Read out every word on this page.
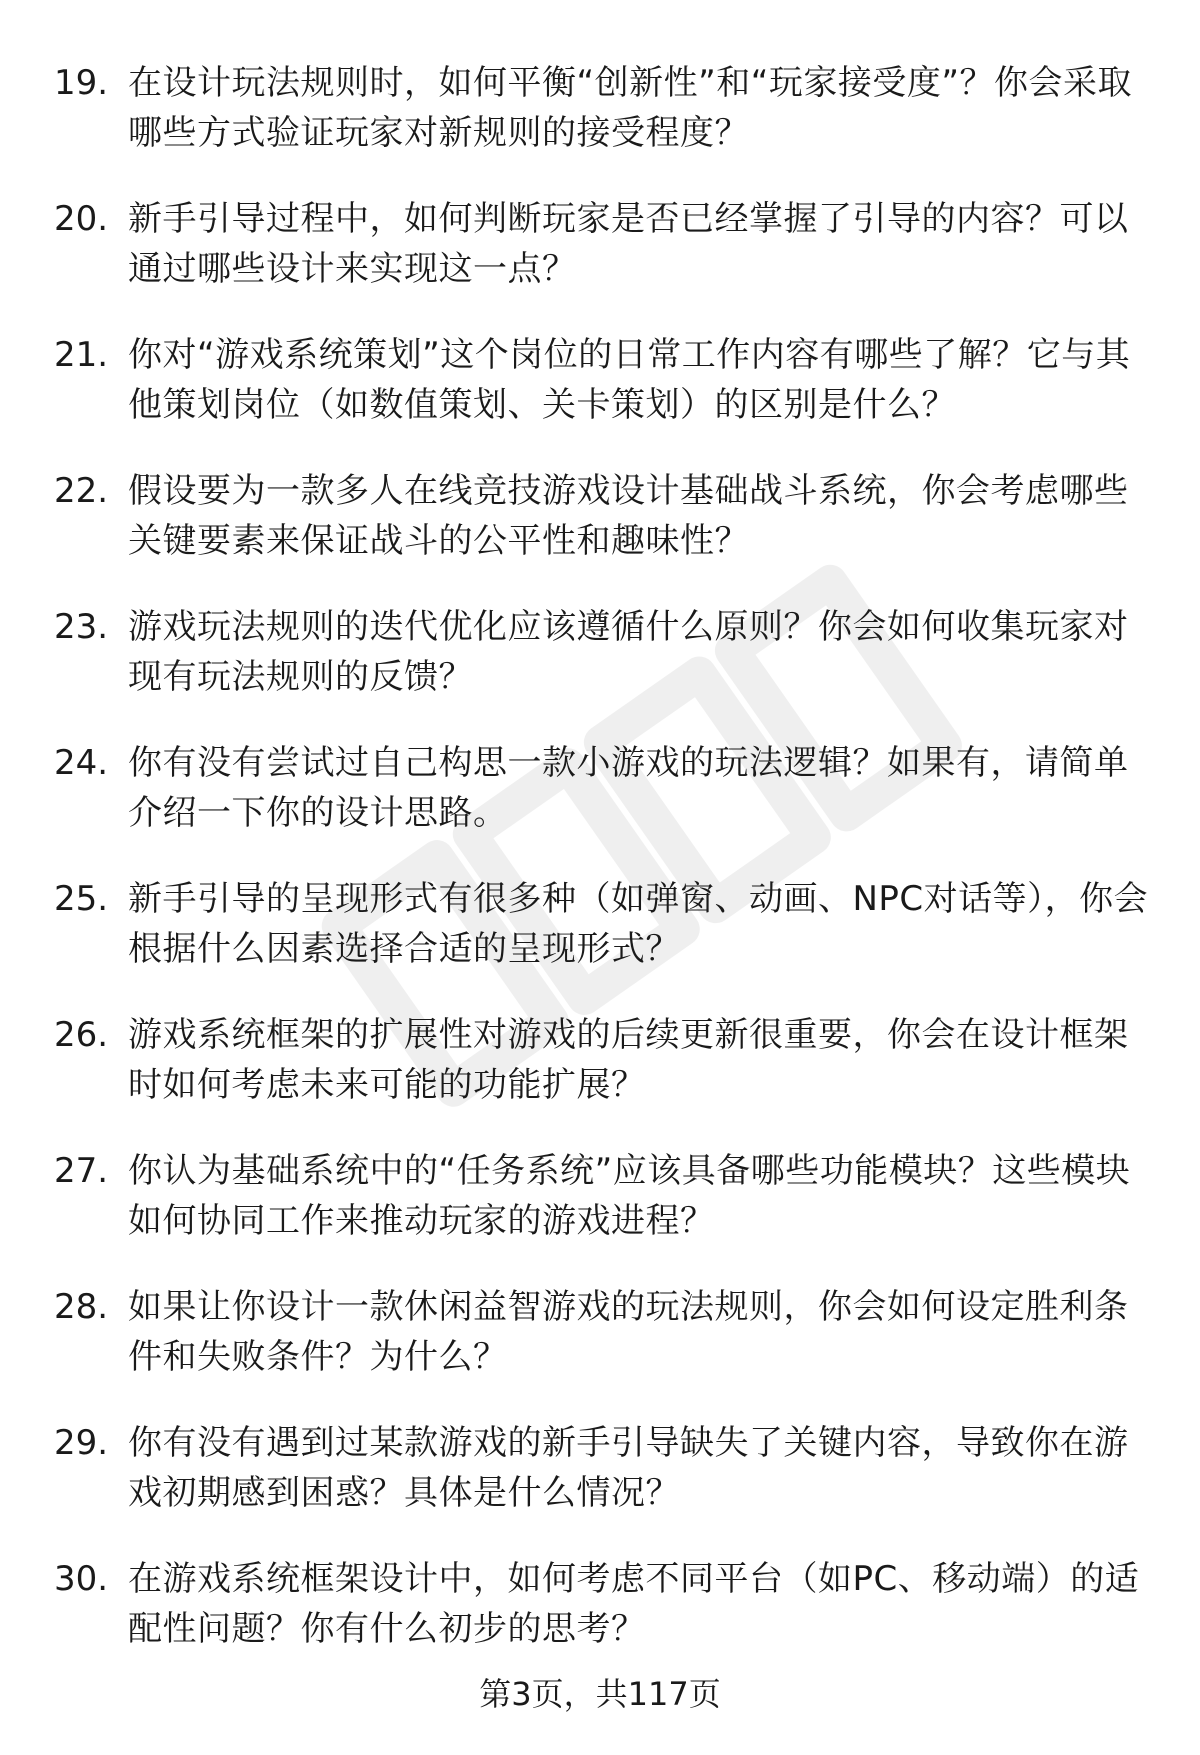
19. 在设计玩法规则时，如何平衡“创新性”和“玩家接受度”？你会采取哪些方式验证玩家对新规则的接受程度？
20. 新手引导过程中，如何判断玩家是否已经掌握了引导的内容？可以通过哪些设计来实现这一点？
21. 你对“游戏系统策划”这个岗位的日常工作内容有哪些了解？它与其他策划岗位（如数值策划、关卡策划）的区别是什么？
22. 假设要为一款多人在线竞技游戏设计基础战斗系统，你会考虑哪些关键要素来保证战斗的公平性和趣味性？
23. 游戏玩法规则的迭代优化应该遵循什么原则？你会如何收集玩家对现有玩法规则的反馈？
24. 你有没有尝试过自己构思一款小游戏的玩法逻辑？如果有，请简单介绍一下你的设计思路。
25. 新手引导的呈现形式有很多种（如弹窗、动画、NPC对话等），你会根据什么因素选择合适的呈现形式？
26. 游戏系统框架的扩展性对游戏的后续更新很重要，你会在设计框架时如何考虑未来可能的功能扩展？
27. 你认为基础系统中的“任务系统”应该具备哪些功能模块？这些模块如何协同工作来推动玩家的游戏进程？
28. 如果让你设计一款休闲益智游戏的玩法规则，你会如何设定胜利条件和失败条件？为什么？
29. 你有没有遇到过某款游戏的新手引导缺失了关键内容，导致你在游戏初期感到困惑？具体是什么情况？
30. 在游戏系统框架设计中，如何考虑不同平台（如PC、移动端）的适配性问题？你有什么初步的思考？
第3页，共117页
